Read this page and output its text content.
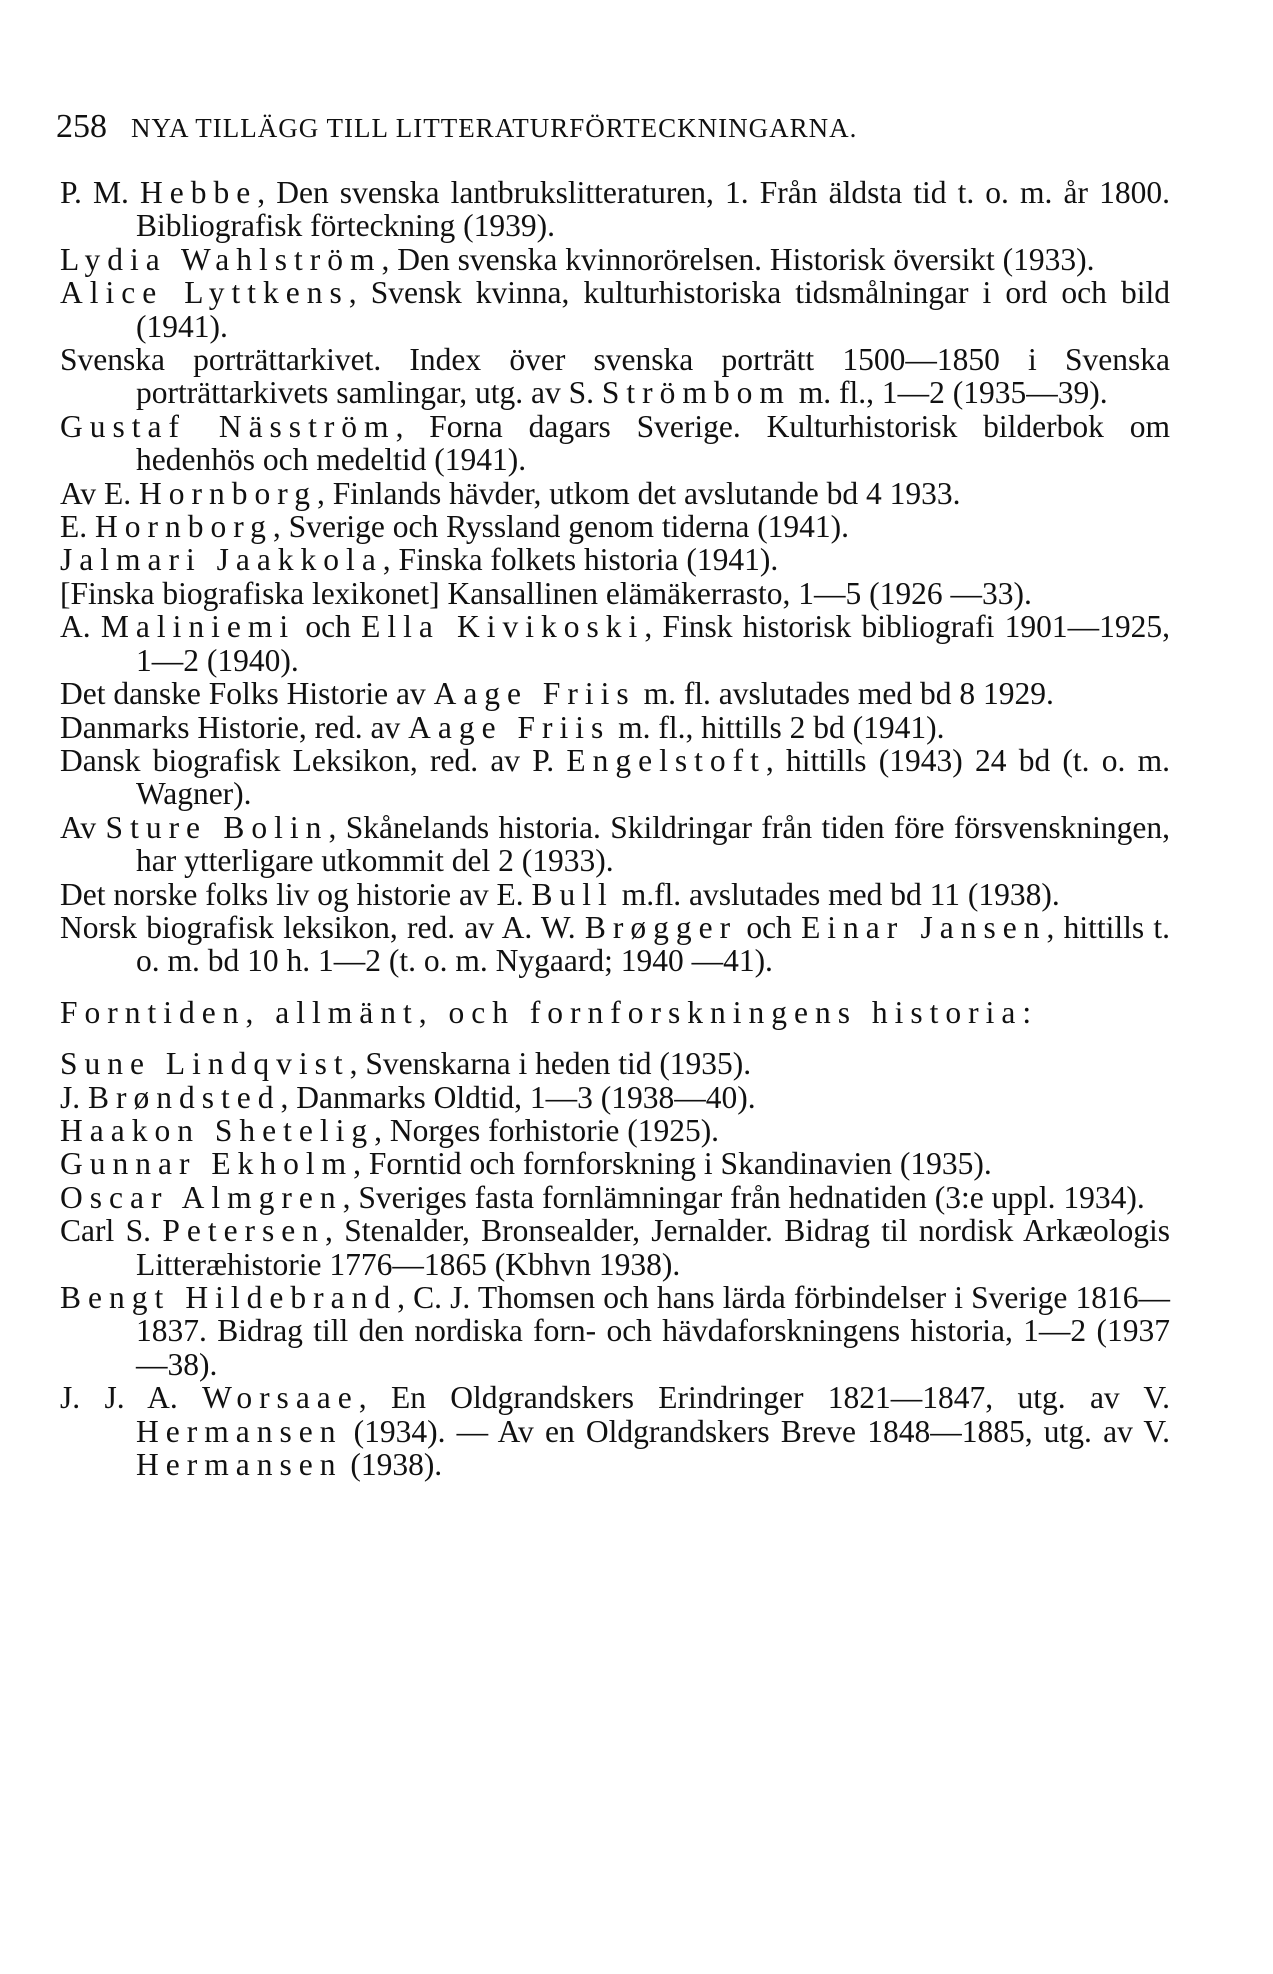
258 NYA TILLÄGG TILL LITTERATURFÖRTECKNINGARNA.
P. M. Hebbe, Den svenska lantbrukslitteraturen, 1. Från äldsta tid t. o. m. år 1800. Bibliografisk förteckning (1939).
Lydia Wahlström, Den svenska kvinnorörelsen. Historisk översikt (1933).
Alice Lyttkens, Svensk kvinna, kulturhistoriska tidsmålningar i ord och bild (1941).
Svenska porträttarkivet. Index över svenska porträtt 1500—1850 i Svenska porträttarkivets samlingar, utg. av S. Strömbom m. fl., 1—2 (1935—39).
Gustaf Näsström, Forna dagars Sverige. Kulturhistorisk bilderbok om hedenhös och medeltid (1941).
Av E. Hornborg, Finlands hävder, utkom det avslutande bd 4 1933.
E. Hornborg, Sverige och Ryssland genom tiderna (1941).
Jalmari Jaakkola, Finska folkets historia (1941).
[Finska biografiska lexikonet] Kansallinen elämäkerrasto, 1—5 (1926 —33).
A. Maliniemi och Ella Kivikoski, Finsk historisk bibliografi 1901—1925, 1—2 (1940).
Det danske Folks Historie av Aage Friis m. fl. avslutades med bd 8 1929.
Danmarks Historie, red. av Aage Friis m. fl., hittills 2 bd (1941).
Dansk biografisk Leksikon, red. av P. Engelstoft, hittills (1943) 24 bd (t. o. m. Wagner).
Av Sture Bolin, Skånelands historia. Skildringar från tiden före försvenskningen, har ytterligare utkommit del 2 (1933).
Det norske folks liv og historie av E. Bull m.fl. avslutades med bd 11 (1938).
Norsk biografisk leksikon, red. av A. W. Brøgger och Einar Jansen, hittills t. o. m. bd 10 h. 1—2 (t. o. m. Nygaard; 1940 —41).
Forntiden, allmänt, och fornforskningens historia:
Sune Lindqvist, Svenskarna i heden tid (1935).
J. Brøndsted, Danmarks Oldtid, 1—3 (1938—40).
Haakon Shetelig, Norges forhistorie (1925).
Gunnar Ekholm, Forntid och fornforskning i Skandinavien (1935).
Oscar Almgren, Sveriges fasta fornlämningar från hednatiden (3:e uppl. 1934).
Carl S. Petersen, Stenalder, Bronsealder, Jernalder. Bidrag til nordisk Arkæologis Litteræhistorie 1776—1865 (Kbhvn 1938).
Bengt Hildebrand, C. J. Thomsen och hans lärda förbindelser i Sverige 1816—1837. Bidrag till den nordiska forn- och hävdaforskningens historia, 1—2 (1937—38).
J. J. A. Worsaae, En Oldgrandskers Erindringer 1821—1847, utg. av V. Hermansen (1934). — Av en Oldgrandskers Breve 1848—1885, utg. av V. Hermansen (1938).
